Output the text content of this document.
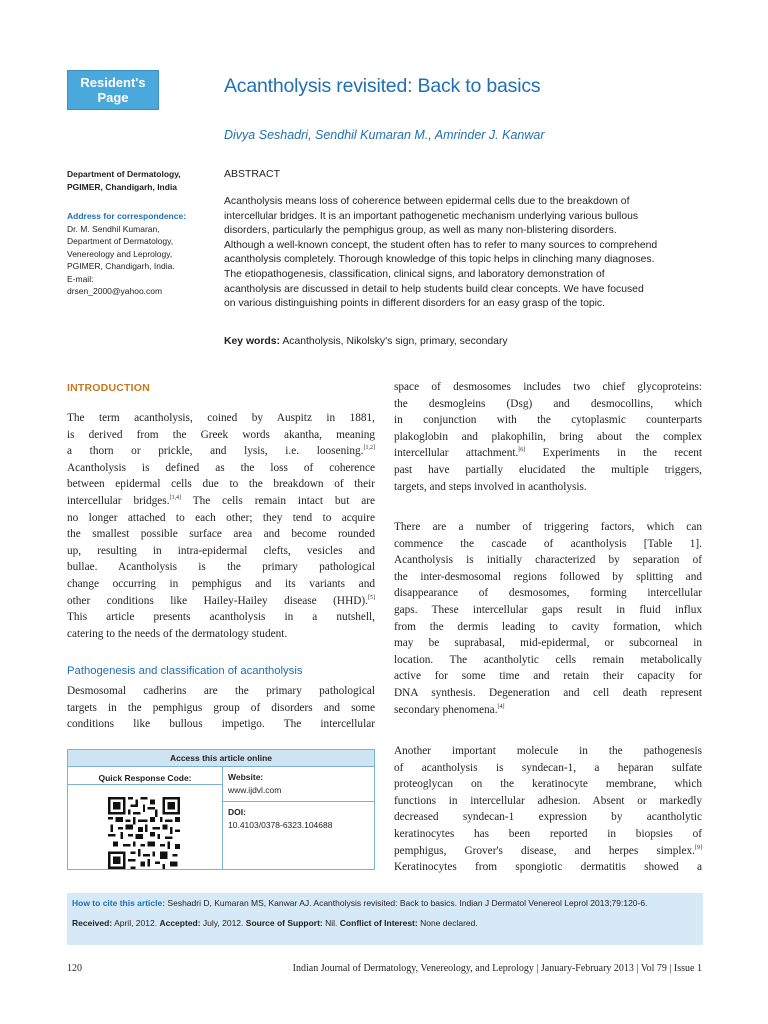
Resident's
Page
Acantholysis revisited: Back to basics
Divya Seshadri, Sendhil Kumaran M., Amrinder J. Kanwar
Department of Dermatology,
PGIMER, Chandigarh, India
Address for correspondence:
Dr. M. Sendhil Kumaran,
Department of Dermatology,
Venereology and Leprology,
PGIMER, Chandigarh, India.
E-mail:
drsen_2000@yahoo.com
ABSTRACT
Acantholysis means loss of coherence between epidermal cells due to the breakdown of
intercellular bridges. It is an important pathogenetic mechanism underlying various bullous
disorders, particularly the pemphigus group, as well as many non-blistering disorders.
Although a well-known concept, the student often has to refer to many sources to comprehend
acantholysis completely. Thorough knowledge of this topic helps in clinching many diagnoses.
The etiopathogenesis, classification, clinical signs, and laboratory demonstration of
acantholysis are discussed in detail to help students build clear concepts. We have focused
on various distinguishing points in different disorders for an easy grasp of the topic.
Key words: Acantholysis, Nikolsky's sign, primary, secondary
INTRODUCTION
The term acantholysis, coined by Auspitz in 1881,
is derived from the Greek words akantha, meaning
a thorn or prickle, and lysis, i.e. loosening.[1,2]
Acantholysis is defined as the loss of coherence
between epidermal cells due to the breakdown of their
intercellular bridges.[3,4] The cells remain intact but are
no longer attached to each other; they tend to acquire
the smallest possible surface area and become rounded
up, resulting in intra-epidermal clefts, vesicles and
bullae. Acantholysis is the primary pathological
change occurring in pemphigus and its variants and
other conditions like Hailey-Hailey disease (HHD).[5]
This article presents acantholysis in a nutshell,
catering to the needs of the dermatology student.
Pathogenesis and classification of acantholysis
Desmosomal cadherins are the primary pathological
targets in the pemphigus group of disorders and some
conditions like bullous impetigo. The intercellular
space of desmosomes includes two chief glycoproteins:
the desmogleins (Dsg) and desmocollins, which
in conjunction with the cytoplasmic counterparts
plakoglobin and plakophilin, bring about the complex
intercellular attachment.[6] Experiments in the recent
past have partially elucidated the multiple triggers,
targets, and steps involved in acantholysis.
There are a number of triggering factors, which can
commence the cascade of acantholysis [Table 1].
Acantholysis is initially characterized by separation of
the inter-desmosomal regions followed by splitting and
disappearance of desmosomes, forming intercellular
gaps. These intercellular gaps result in fluid influx
from the dermis leading to cavity formation, which
may be suprabasal, mid-epidermal, or subcorneal in
location. The acantholytic cells remain metabolically
active for some time and retain their capacity for
DNA synthesis. Degeneration and cell death represent
secondary phenomena.[4]
Another important molecule in the pathogenesis
of acantholysis is syndecan-1, a heparan sulfate
proteoglycan on the keratinocyte membrane, which
functions in intercellular adhesion. Absent or markedly
decreased syndecan-1 expression by acantholytic
keratinocytes has been reported in biopsies of
pemphigus, Grover's disease, and herpes simplex.[9]
Keratinocytes from spongiotic dermatitis showed a
Access this article online
Quick Response Code:	Website:
www.ijdvl.com
DOI:
10.4103/0378-6323.104688
How to cite this article: Seshadri D, Kumaran MS, Kanwar AJ. Acantholysis revisited: Back to basics. Indian J Dermatol Venereol Leprol 2013;79:120-6.
Received: April, 2012. Accepted: July, 2012. Source of Support: Nil. Conflict of Interest: None declared.
120	Indian Journal of Dermatology, Venereology, and Leprology | January-February 2013 | Vol 79 | Issue 1
